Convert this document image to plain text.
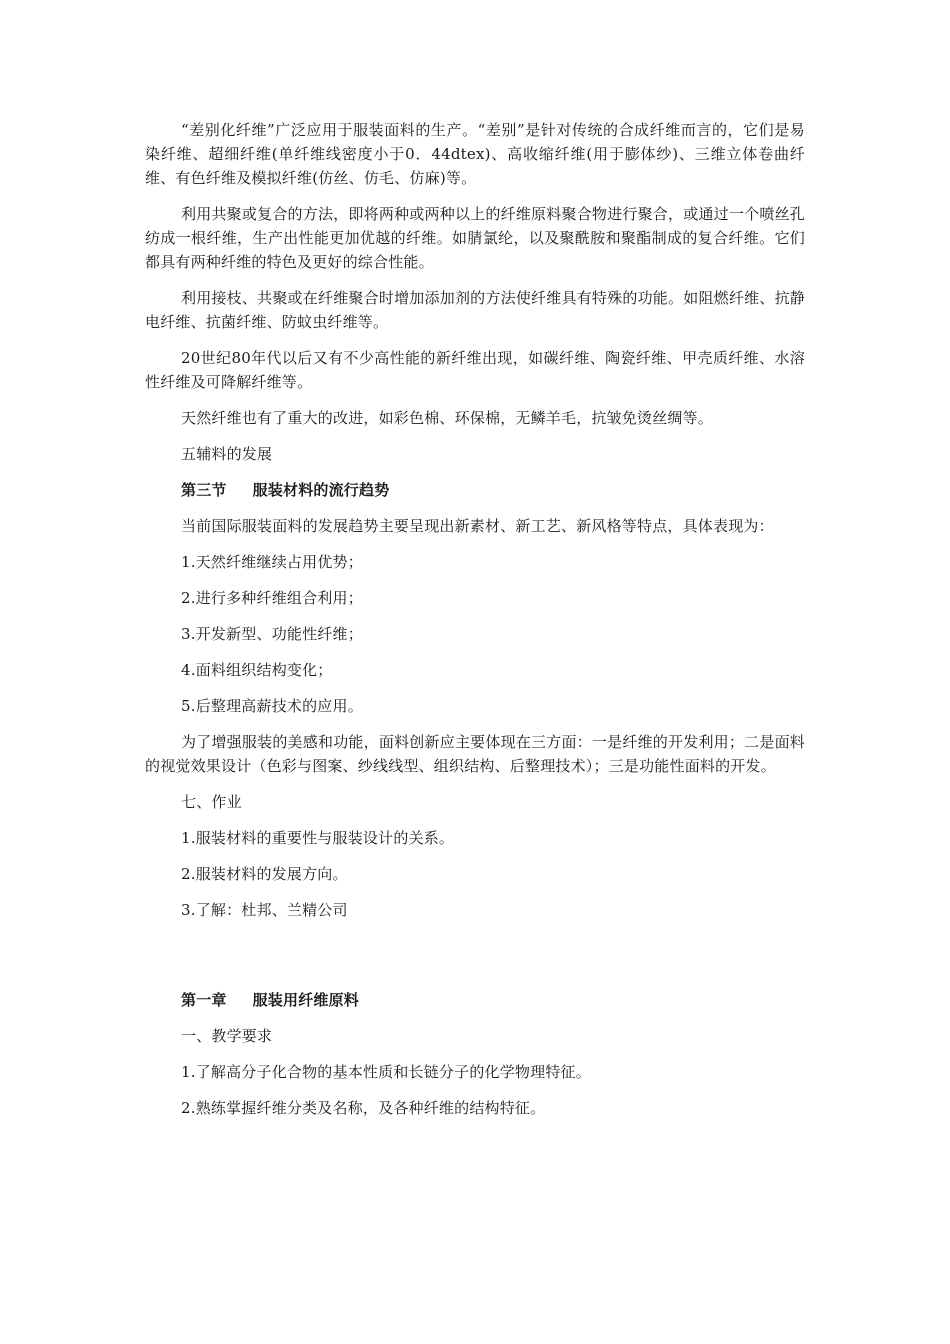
“差别化纤维”广泛应用于服装面料的生产。“差别”是针对传统的合成纤维而言的，它们是易染纤维、超细纤维(单纤维线密度小于0．44dtex)、高收缩纤维(用于膨体纱)、三维立体卷曲纤维、有色纤维及模拟纤维(仿丝、仿毛、仿麻)等。

利用共聚或复合的方法，即将两种或两种以上的纤维原料聚合物进行聚合，或通过一个喷丝孔纺成一根纤维，生产出性能更加优越的纤维。如腈氯纶，以及聚酰胺和聚酯制成的复合纤维。它们都具有两种纤维的特色及更好的综合性能。

利用接枝、共聚或在纤维聚合时增加添加剂的方法使纤维具有特殊的功能。如阻燃纤维、抗静电纤维、抗菌纤维、防蚊虫纤维等。

20世纪80年代以后又有不少高性能的新纤维出现，如碳纤维、陶瓷纤维、甲壳质纤维、水溶性纤维及可降解纤维等。

天然纤维也有了重大的改进，如彩色棉、环保棉，无鳞羊毛，抗皱免烫丝绸等。

五辅料的发展

第三节 服装材料的流行趋势

当前国际服装面料的发展趋势主要呈现出新素材、新工艺、新风格等特点，具体表现为：

1.天然纤维继续占用优势；

2.进行多种纤维组合利用；

3.开发新型、功能性纤维；

4.面料组织结构变化；

5.后整理高薪技术的应用。

为了增强服装的美感和功能，面料创新应主要体现在三方面：一是纤维的开发利用；二是面料的视觉效果设计（色彩与图案、纱线线型、组织结构、后整理技术）；三是功能性面料的开发。

七、作业

1.服装材料的重要性与服装设计的关系。

2.服装材料的发展方向。

3.了解：杜邦、兰精公司

第一章 服装用纤维原料

一、教学要求

1.了解高分子化合物的基本性质和长链分子的化学物理特征。

2.熟练掌握纤维分类及名称，及各种纤维的结构特征。
